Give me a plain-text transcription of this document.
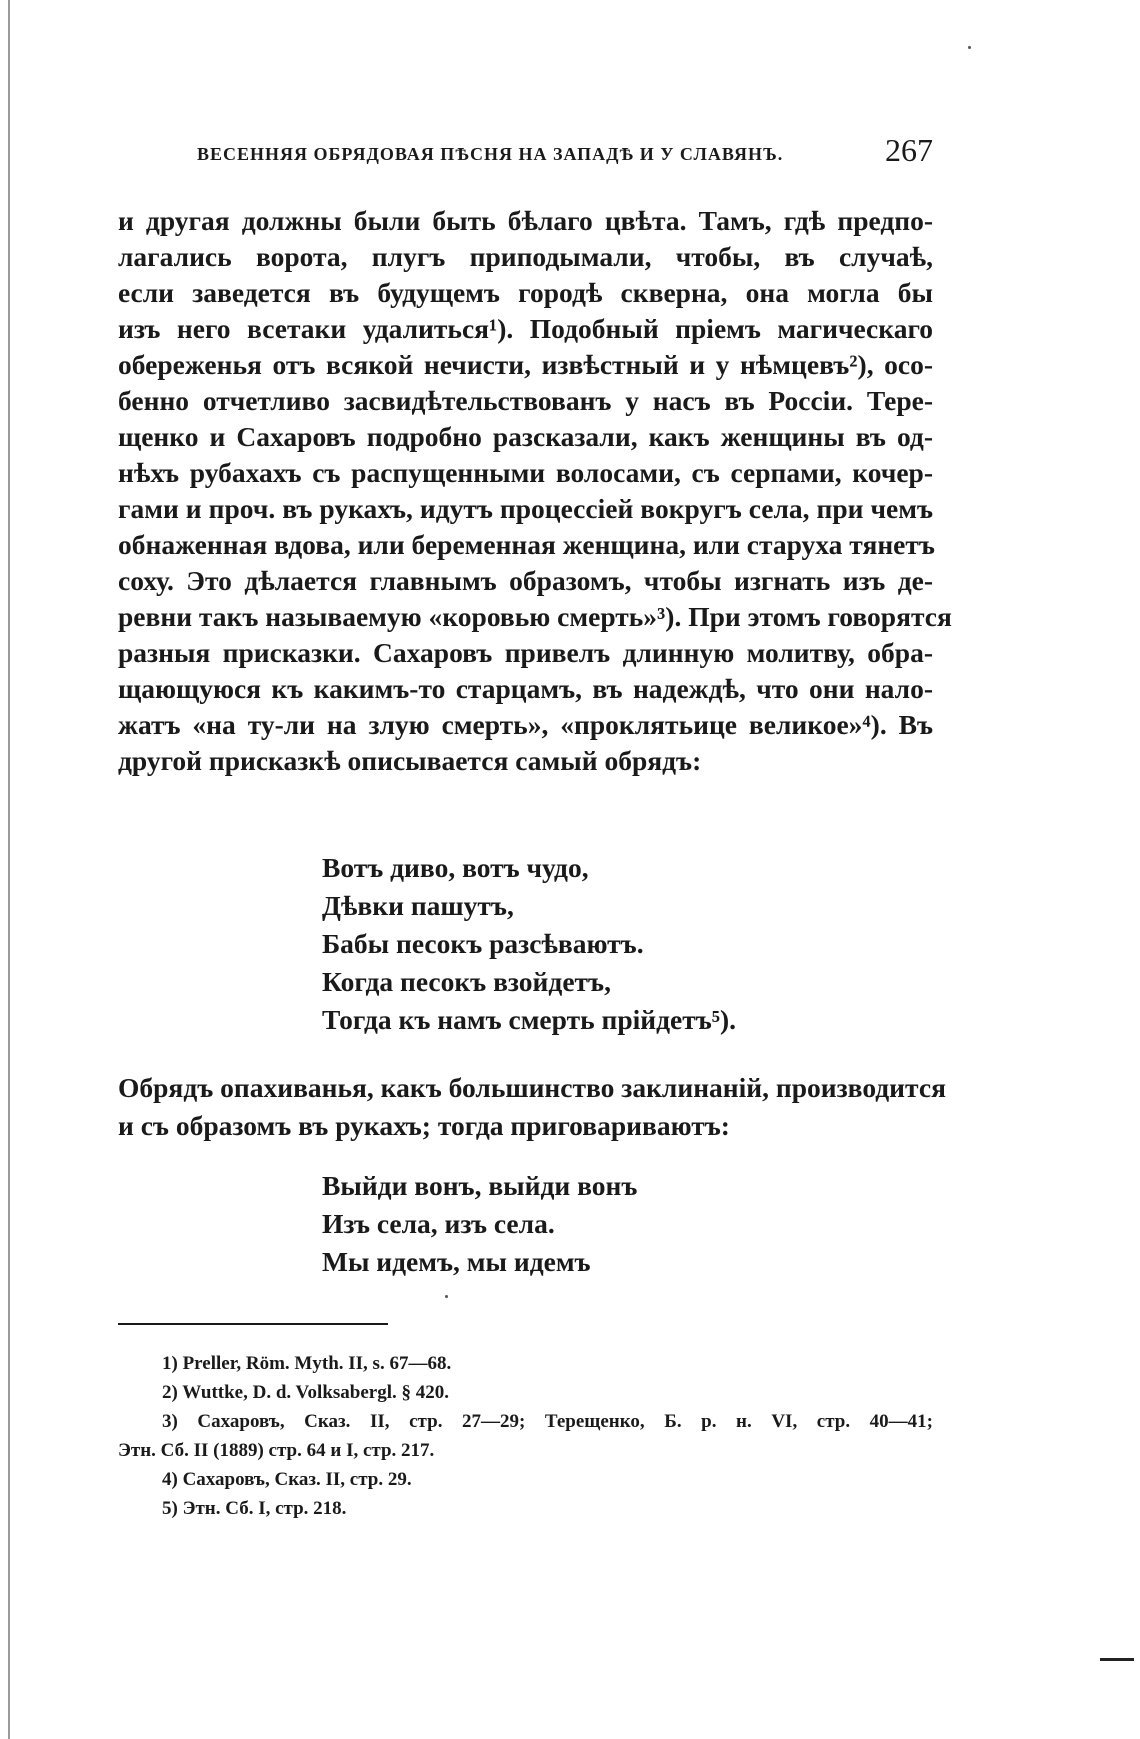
ВЕСЕННЯЯ ОБРЯДОВАЯ ПѢСНЯ НА ЗАПАДѢ И У СЛАВЯНЪ.	267
и другая должны были быть бѣлаго цвѣта. Тамъ, гдѣ предпо-
лагались ворота, плугъ приподымали, чтобы, въ случаѣ,
если заведется въ будущемъ городѣ скверна, она могла бы
изъ него всетаки удалиться¹). Подобный пріемъ магическаго
обереженья отъ всякой нечисти, извѣстный и у нѣмцевъ²), осо-
бенно отчетливо засвидѣтельствованъ у насъ въ Россіи. Тере-
щенко и Сахаровъ подробно разсказали, какъ женщины въ од-
нѣхъ рубахахъ съ распущенными волосами, съ серпами, кочер-
гами и проч. въ рукахъ, идутъ процессіей вокругъ села, при чемъ
обнаженная вдова, или беременная женщина, или старуха тянетъ
соху. Это дѣлается главнымъ образомъ, чтобы изгнать изъ де-
ревни такъ называемую «коровью смерть»³). При этомъ говорятся
разныя присказки. Сахаровъ привелъ длинную молитву, обра-
щающуюся къ какимъ-то старцамъ, въ надеждѣ, что они нало-
жатъ «на ту-ли на злую смерть», «проклятьице великое»⁴). Въ
другой присказкѣ описывается самый обрядъ:
Вотъ диво, вотъ чудо,
Дѣвки пашутъ,
Бабы песокъ разсѣваютъ.
Когда песокъ взойдетъ,
Тогда къ намъ смерть прійдетъ⁵).
Обрядъ опахиванья, какъ большинство заклинаній, производится
и съ образомъ въ рукахъ; тогда приговариваютъ:
Выйди вонъ, выйди вонъ
Изъ села, изъ села.
Мы идемъ, мы идемъ
1) Preller, Röm. Myth. II, s. 67—68.
2) Wuttke, D. d. Volksabergl. § 420.
3) Сахаровъ, Сказ. II, стр. 27—29; Терещенко, Б. р. н. VI, стр. 40—41;
Этн. Сб. II (1889) стр. 64 и I, стр. 217.
4) Сахаровъ, Сказ. II, стр. 29.
5) Этн. Сб. I, стр. 218.
